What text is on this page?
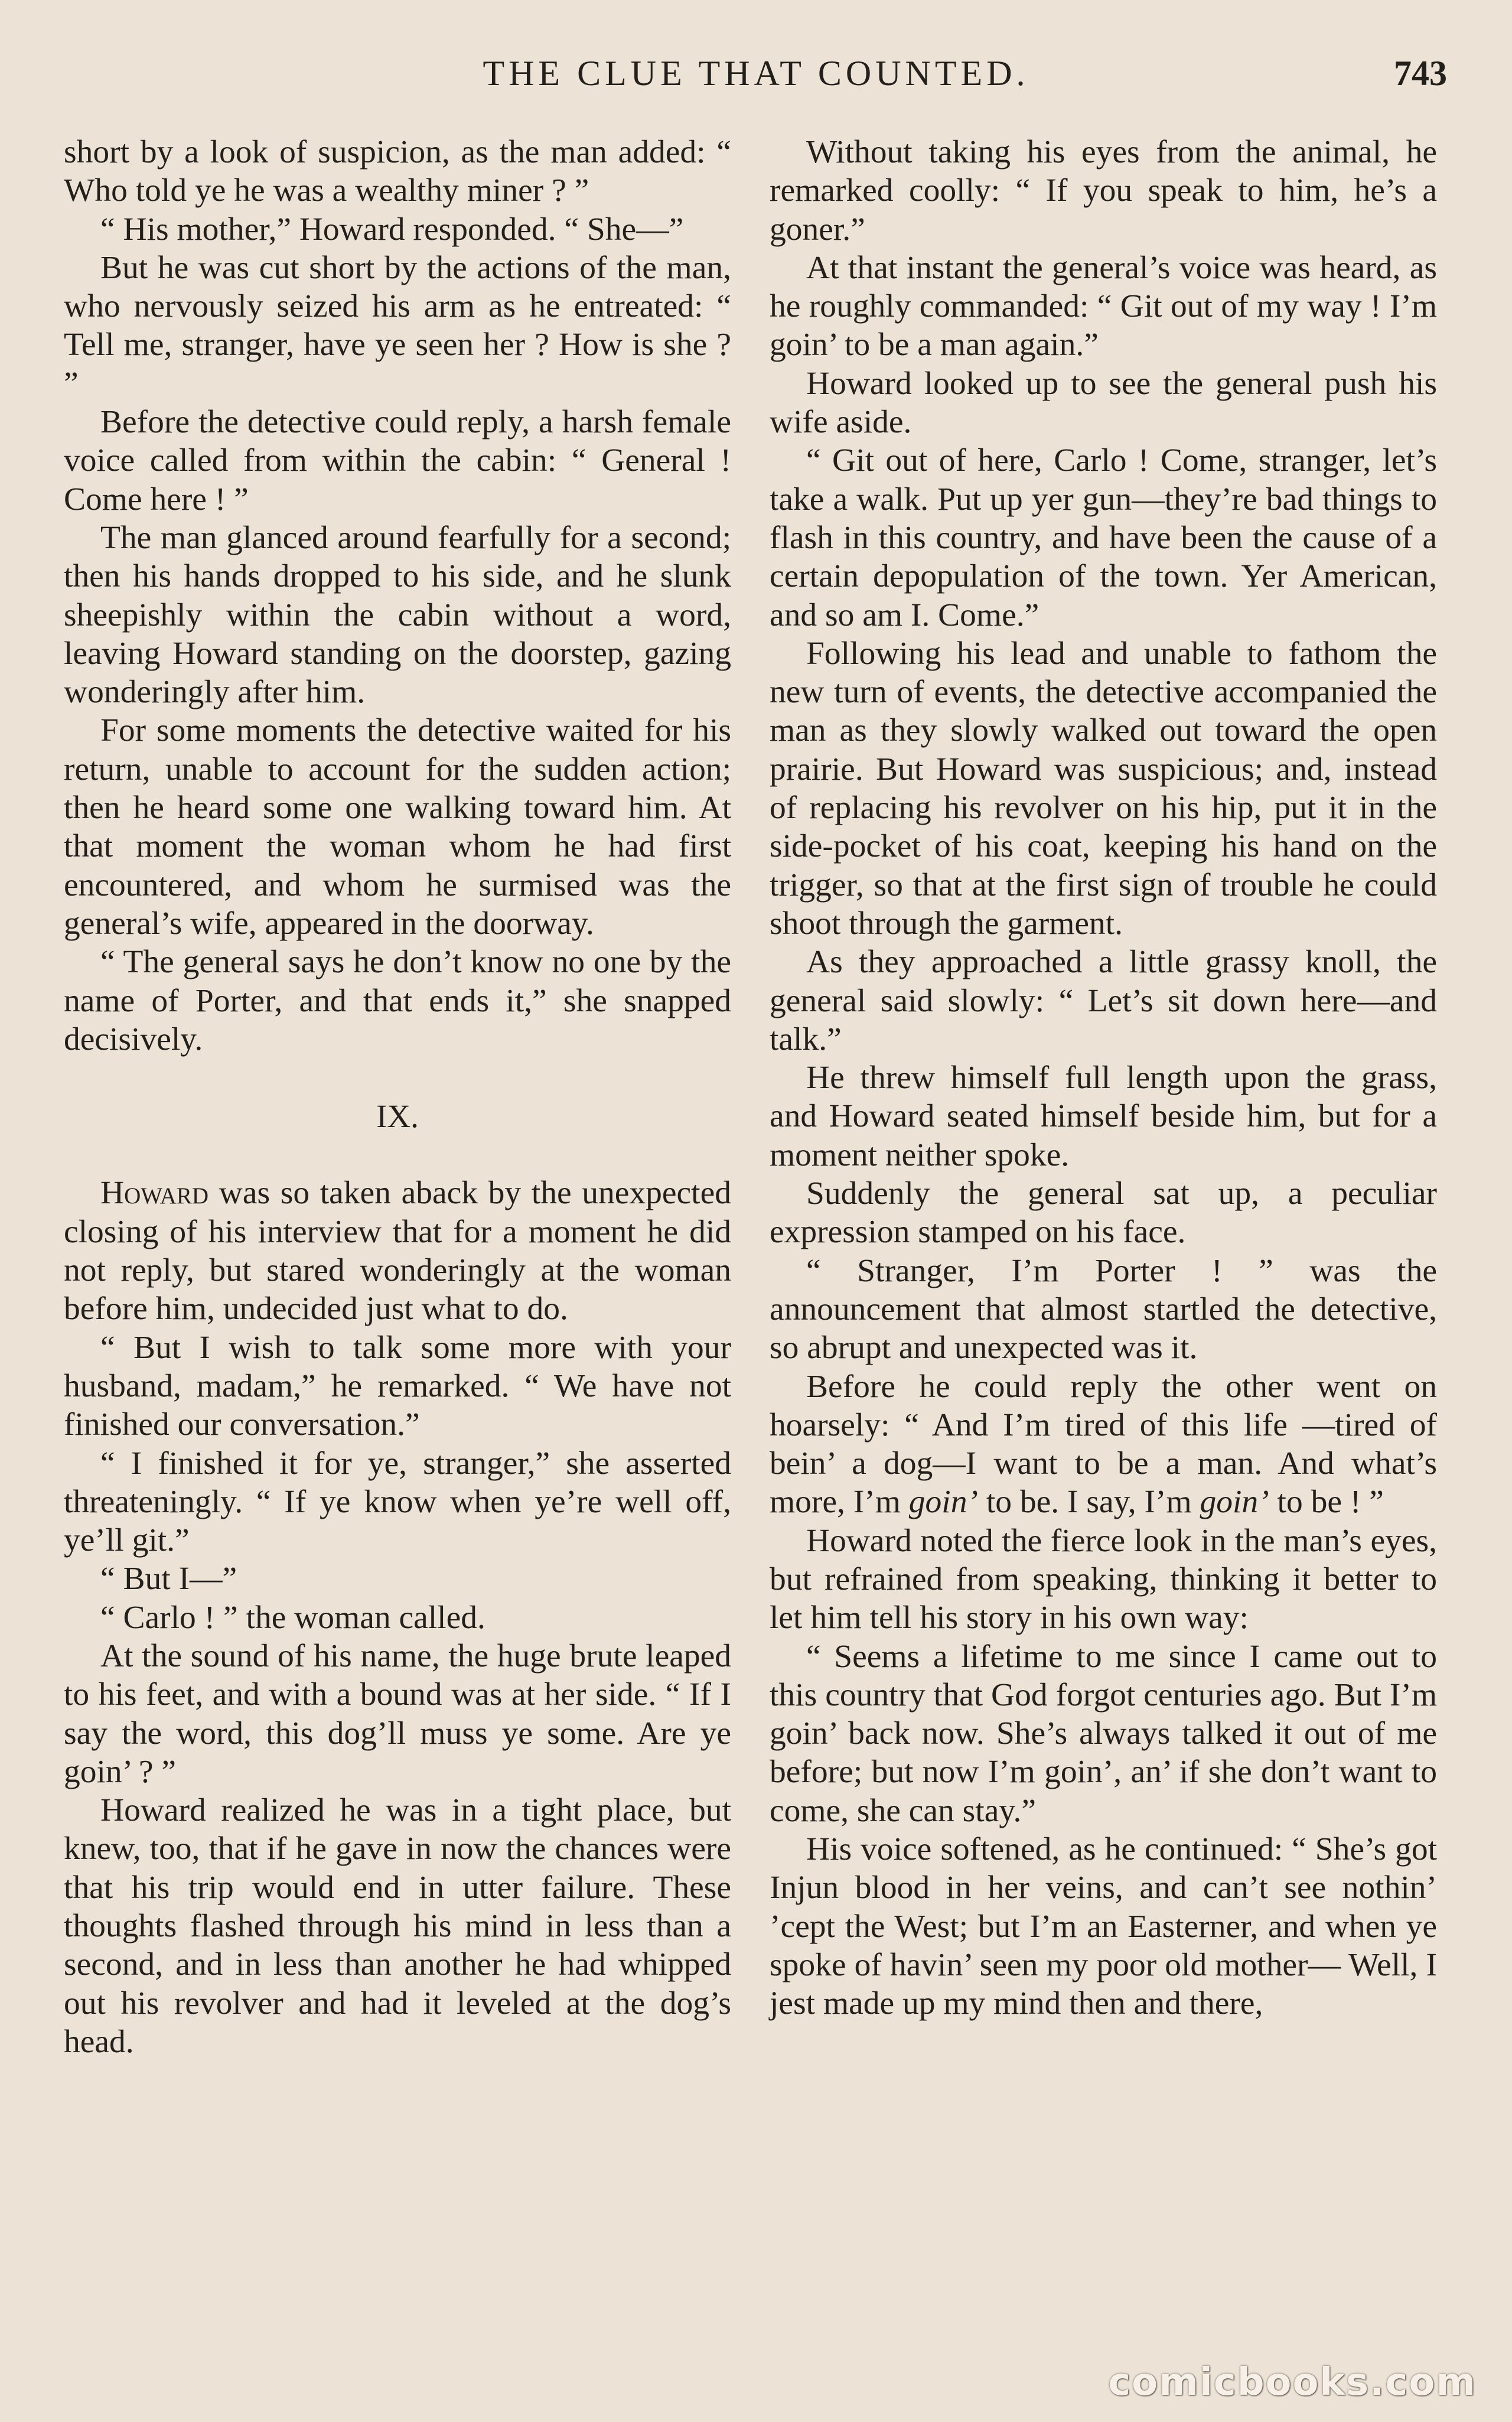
THE CLUE THAT COUNTED.	743

short by a look of suspicion, as the man added: “ Who told ye he was a wealthy miner ? ”

“ His mother,” Howard responded. “ She—”

But he was cut short by the actions of the man, who nervously seized his arm as he entreated: “ Tell me, stranger, have ye seen her ? How is she ? ”

Before the detective could reply, a harsh female voice called from within the cabin: “ General ! Come here ! ”

The man glanced around fearfully for a second; then his hands dropped to his side, and he slunk sheepishly within the cabin without a word, leaving Howard standing on the doorstep, gazing wonderingly after him.

For some moments the detective waited for his return, unable to account for the sudden action; then he heard some one walking toward him. At that moment the woman whom he had first encountered, and whom he surmised was the general’s wife, appeared in the doorway.

“ The general says he don’t know no one by the name of Porter, and that ends it,” she snapped decisively.

IX.

Howard was so taken aback by the unexpected closing of his interview that for a moment he did not reply, but stared wonderingly at the woman before him, undecided just what to do.

“ But I wish to talk some more with your husband, madam,” he remarked. “ We have not finished our conversation.”

“ I finished it for ye, stranger,” she asserted threateningly. “ If ye know when ye’re well off, ye’ll git.”

“ But I—”

“ Carlo ! ” the woman called.

At the sound of his name, the huge brute leaped to his feet, and with a bound was at her side. “ If I say the word, this dog’ll muss ye some. Are ye goin’ ? ”

Howard realized he was in a tight place, but knew, too, that if he gave in now the chances were that his trip would end in utter failure. These thoughts flashed through his mind in less than a second, and in less than another he had whipped out his revolver and had it leveled at the dog’s head.

Without taking his eyes from the animal, he remarked coolly: “ If you speak to him, he’s a goner.”

At that instant the general’s voice was heard, as he roughly commanded: “ Git out of my way ! I’m goin’ to be a man again.”

Howard looked up to see the general push his wife aside.

“ Git out of here, Carlo ! Come, stranger, let’s take a walk. Put up yer gun—they’re bad things to flash in this country, and have been the cause of a certain depopulation of the town. Yer American, and so am I. Come.”

Following his lead and unable to fathom the new turn of events, the detective accompanied the man as they slowly walked out toward the open prairie. But Howard was suspicious; and, instead of replacing his revolver on his hip, put it in the side-pocket of his coat, keeping his hand on the trigger, so that at the first sign of trouble he could shoot through the garment.

As they approached a little grassy knoll, the general said slowly: “ Let’s sit down here—and talk.”

He threw himself full length upon the grass, and Howard seated himself beside him, but for a moment neither spoke.

Suddenly the general sat up, a peculiar expression stamped on his face.

“ Stranger, I’m Porter ! ” was the announcement that almost startled the detective, so abrupt and unexpected was it.

Before he could reply the other went on hoarsely: “ And I’m tired of this life —tired of bein’ a dog—I want to be a man. And what’s more, I’m goin’ to be. I say, I’m goin’ to be ! ”

Howard noted the fierce look in the man’s eyes, but refrained from speaking, thinking it better to let him tell his story in his own way:

“ Seems a lifetime to me since I came out to this country that God forgot centuries ago. But I’m goin’ back now. She’s always talked it out of me before; but now I’m goin’, an’ if she don’t want to come, she can stay.”

His voice softened, as he continued: “ She’s got Injun blood in her veins, and can’t see nothin’ ’cept the West; but I’m an Easterner, and when ye spoke of havin’ seen my poor old mother— Well, I jest made up my mind then and there,

comicbooks.com
